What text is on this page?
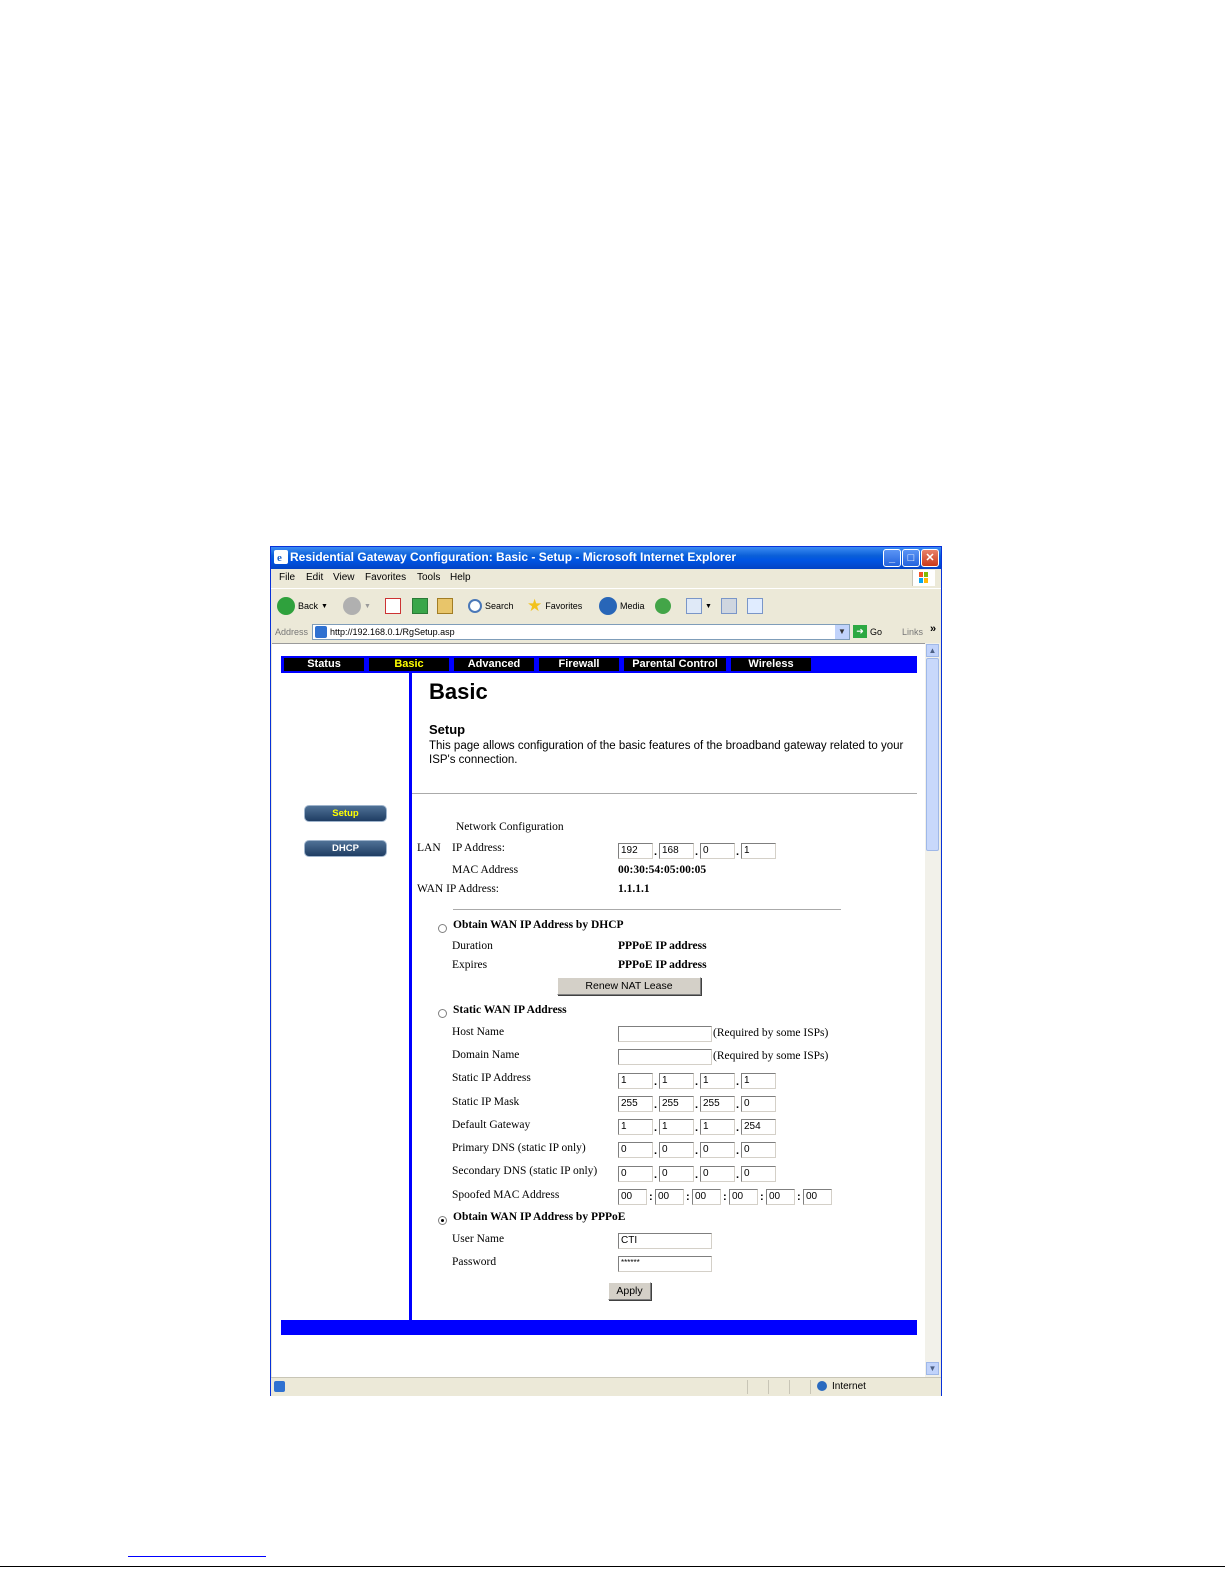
e Residential Gateway Configuration: Basic - Setup - Microsoft Internet Explorer	_	□	✕
File Edit View Favorites Tools Help
Back ▼	▼	Search ★ Favorites	Media	▼
Address http://192.168.0.1/RgSetup.asp	▼	➜ Go Links »
Status	Basic	Advanced	Firewall	Parental Control	Wireless
Setup
DHCP
Basic
Setup
This page allows configuration of the basic features of the broadband gateway related to your ISP's connection.
Network Configuration
LAN IP Address:	192	. 168	. 0	. 1
MAC Address	00:30:54:05:00:05
WAN IP Address:	1.1.1.1
Obtain WAN IP Address by DHCP
Duration	PPPoE IP address
Expires	PPPoE IP address
Renew NAT Lease
Static WAN IP Address
Host Name	(Required by some ISPs)
Domain Name	(Required by some ISPs)
Static IP Address	1	. 1	. 1	. 1
Static IP Mask	255	. 255	. 255	. 0
Default Gateway	1	. 1	. 1	. 254
Primary DNS (static IP only)	0	. 0	. 0	. 0
Secondary DNS (static IP only)	0	. 0	. 0	. 0
Spoofed MAC Address	00	: 00	: 00	: 00	: 00	: 00
Obtain WAN IP Address by PPPoE
User Name	CTI
Password	******
Apply
▲
▼
Internet
